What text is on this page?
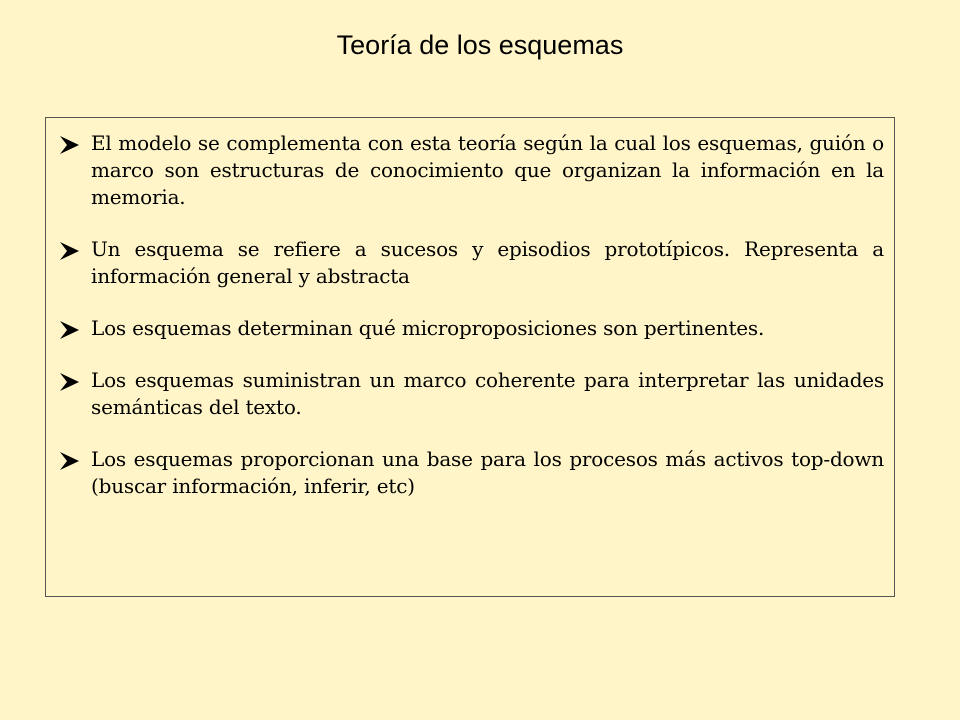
Teoría de los esquemas
El modelo se complementa con esta teoría según la cual los esquemas, guión o marco son estructuras de conocimiento que organizan la información en la memoria.
Un esquema se refiere a sucesos y episodios prototípicos. Representa a información general y abstracta
Los esquemas determinan qué microproposiciones son pertinentes.
Los esquemas suministran un marco coherente para interpretar las unidades semánticas del texto.
Los esquemas proporcionan una base para los procesos más activos top-down (buscar información, inferir, etc)
